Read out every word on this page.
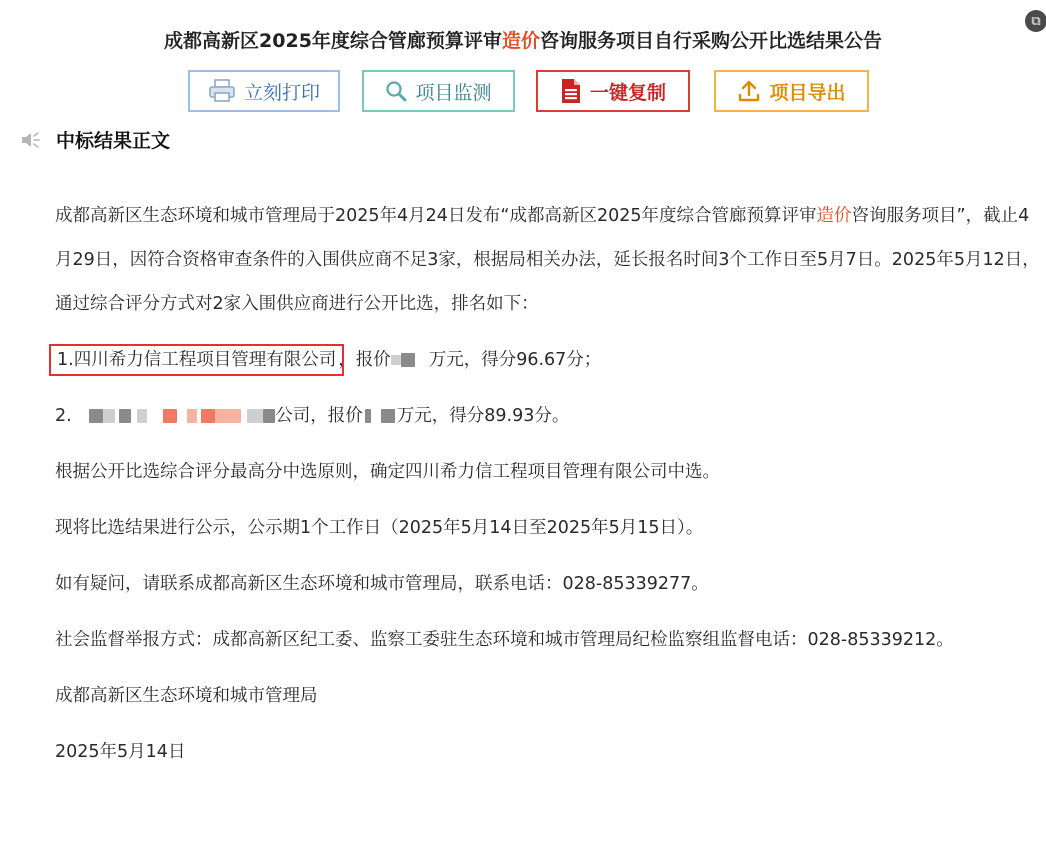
⧉
成都高新区2025年度综合管廊预算评审造价咨询服务项目自行采购公开比选结果公告
立刻打印	项目监测	一键复制	项目导出
中标结果正文

成都高新区生态环境和城市管理局于2025年4月24日发布“成都高新区2025年度综合管廊预算评审造价咨询服务项目”，截止4月29日，因符合资格审查条件的入围供应商不足3家，根据局相关办法，延长报名时间3个工作日至5月7日。2025年5月12日，通过综合评分方式对2家入围供应商进行公开比选，排名如下：

1.四川希力信工程项目管理有限公司 ，报价 万元，得分96.67分；

2.	公司，报价 万元，得分89.93分。

根据公开比选综合评分最高分中选原则，确定四川希力信工程项目管理有限公司中选。

现将比选结果进行公示，公示期1个工作日（2025年5月14日至2025年5月15日）。

如有疑问，请联系成都高新区生态环境和城市管理局，联系电话：028-85339277。

社会监督举报方式：成都高新区纪工委、监察工委驻生态环境和城市管理局纪检监察组监督电话：028-85339212。

成都高新区生态环境和城市管理局

2025年5月14日
